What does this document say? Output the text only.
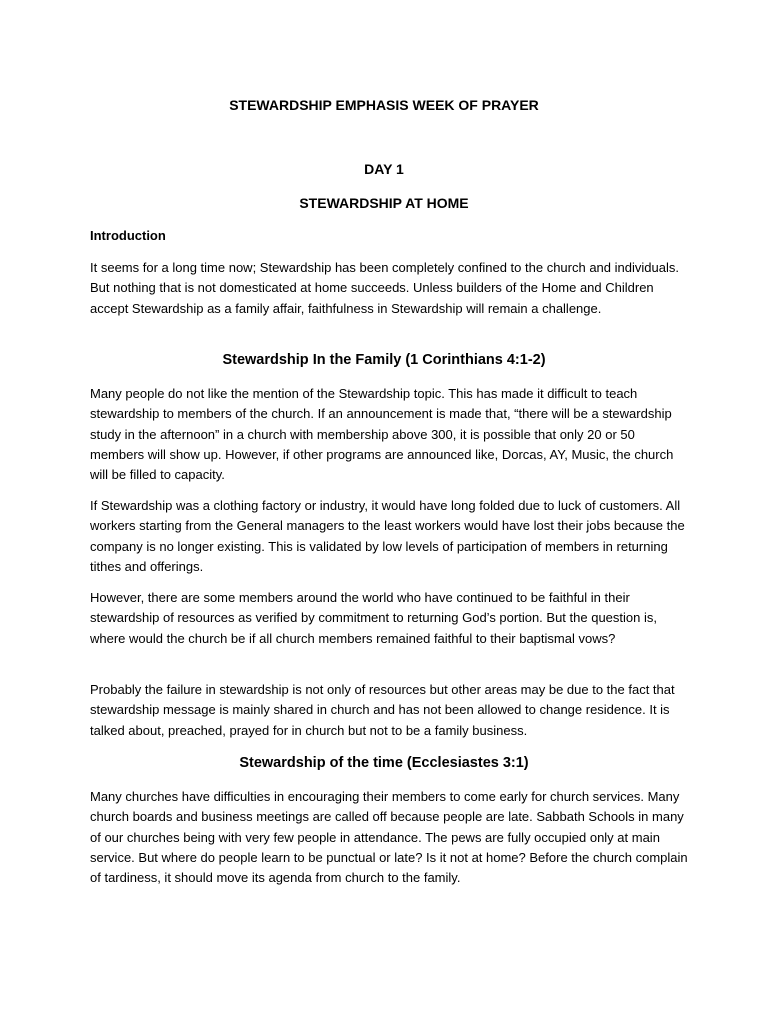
STEWARDSHIP EMPHASIS WEEK OF PRAYER
DAY 1
STEWARDSHIP AT HOME
Introduction

It seems for a long time now; Stewardship has been completely confined to the church and individuals. But nothing that is not domesticated at home succeeds. Unless builders of the Home and Children accept Stewardship as a family affair, faithfulness in Stewardship will remain a challenge.

Stewardship In the Family (1 Corinthians 4:1-2)

Many people do not like the mention of the Stewardship topic. This has made it difficult to teach stewardship to members of the church. If an announcement is made that, “there will be a stewardship study in the afternoon” in a church with membership above 300, it is possible that only 20 or 50 members will show up. However, if other programs are announced like, Dorcas, AY, Music, the church will be filled to capacity.

If Stewardship was a clothing factory or industry, it would have long folded due to luck of customers. All workers starting from the General managers to the least workers would have lost their jobs because the company is no longer existing. This is validated by low levels of participation of members in returning tithes and offerings.

However, there are some members around the world who have continued to be faithful in their stewardship of resources as verified by commitment to returning God’s portion. But the question is, where would the church be if all church members remained faithful to their baptismal vows?

Probably the failure in stewardship is not only of resources but other areas may be due to the fact that stewardship message is mainly shared in church and has not been allowed to change residence. It is talked about, preached, prayed for in church but not to be a family business.

Stewardship of the time (Ecclesiastes 3:1)

Many churches have difficulties in encouraging their members to come early for church services. Many church boards and business meetings are called off because people are late. Sabbath Schools in many of our churches being with very few people in attendance. The pews are fully occupied only at main service. But where do people learn to be punctual or late? Is it not at home? Before the church complain of tardiness, it should move its agenda from church to the family.
